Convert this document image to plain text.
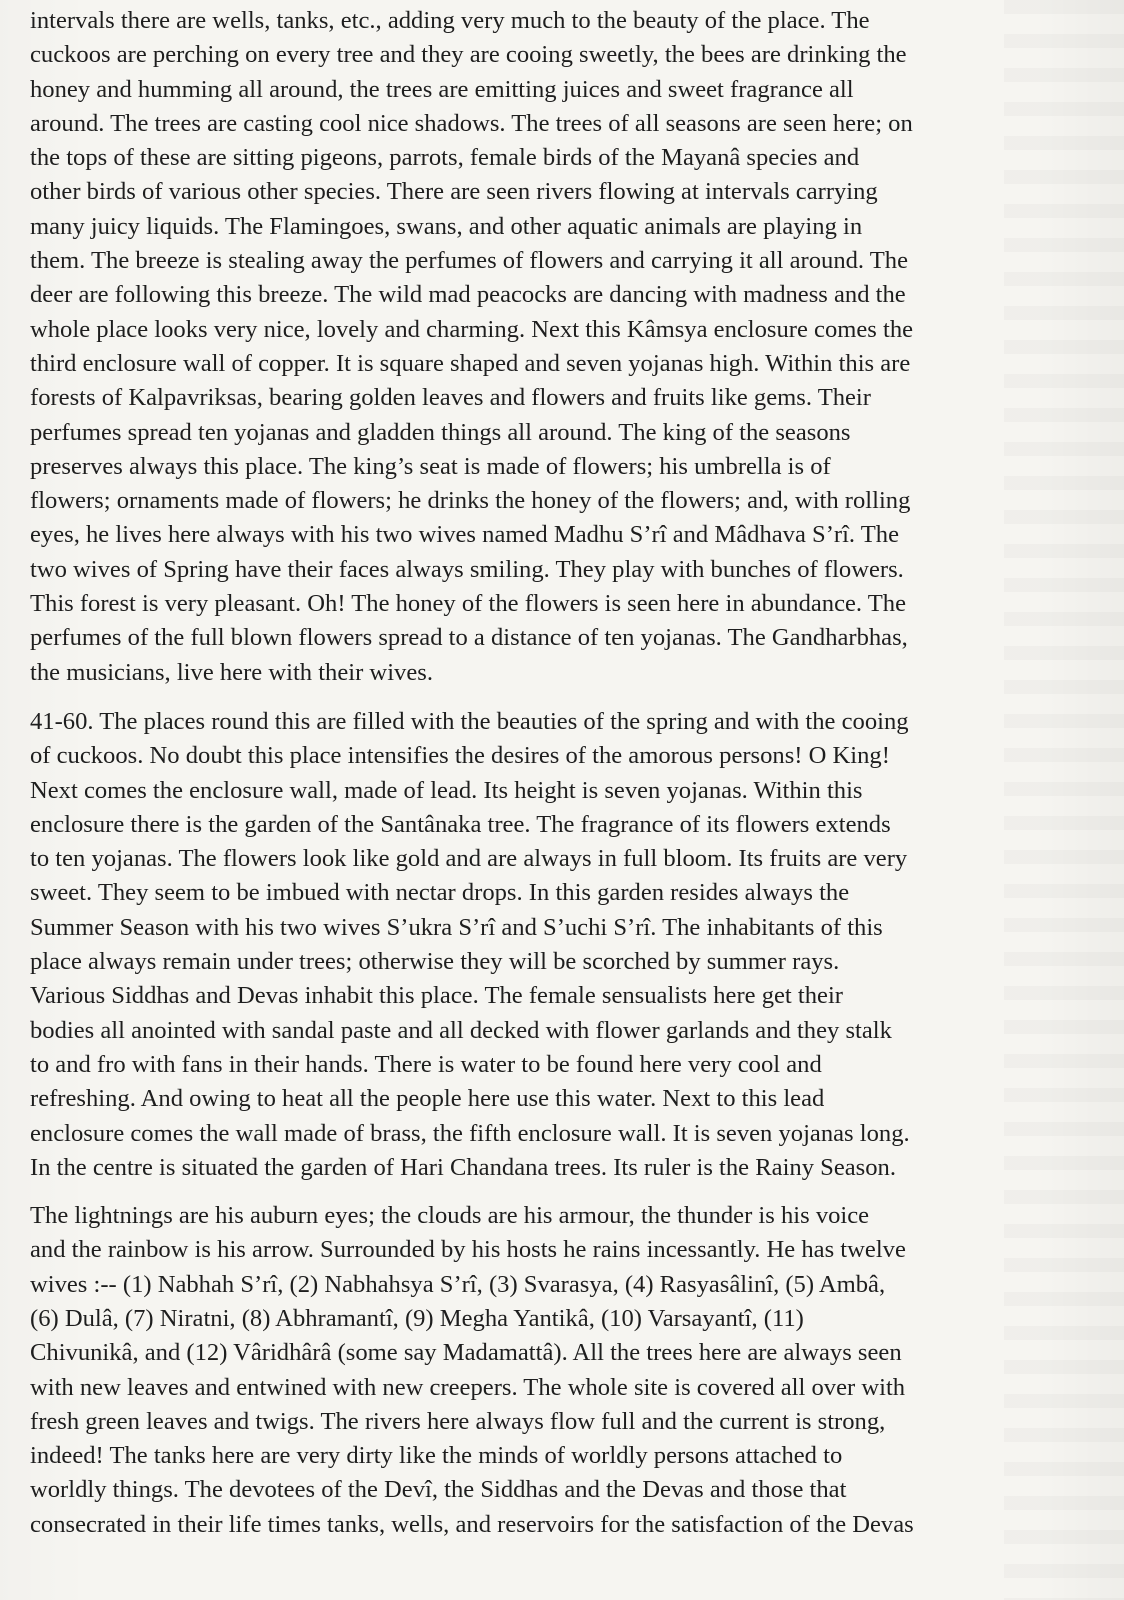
intervals there are wells, tanks, etc., adding very much to the beauty of the place. The
cuckoos are perching on every tree and they are cooing sweetly, the bees are drinking the
honey and humming all around, the trees are emitting juices and sweet fragrance all
around. The trees are casting cool nice shadows. The trees of all seasons are seen here; on
the tops of these are sitting pigeons, parrots, female birds of the Mayanâ species and
other birds of various other species. There are seen rivers flowing at intervals carrying
many juicy liquids. The Flamingoes, swans, and other aquatic animals are playing in
them. The breeze is stealing away the perfumes of flowers and carrying it all around. The
deer are following this breeze. The wild mad peacocks are dancing with madness and the
whole place looks very nice, lovely and charming. Next this Kâmsya enclosure comes the
third enclosure wall of copper. It is square shaped and seven yojanas high. Within this are
forests of Kalpavriksas, bearing golden leaves and flowers and fruits like gems. Their
perfumes spread ten yojanas and gladden things all around. The king of the seasons
preserves always this place. The king’s seat is made of flowers; his umbrella is of
flowers; ornaments made of flowers; he drinks the honey of the flowers; and, with rolling
eyes, he lives here always with his two wives named Madhu S’rî and Mâdhava S’rî. The
two wives of Spring have their faces always smiling. They play with bunches of flowers.
This forest is very pleasant. Oh! The honey of the flowers is seen here in abundance. The
perfumes of the full blown flowers spread to a distance of ten yojanas. The Gandharbhas,
the musicians, live here with their wives.
41-60. The places round this are filled with the beauties of the spring and with the cooing
of cuckoos. No doubt this place intensifies the desires of the amorous persons! O King!
Next comes the enclosure wall, made of lead. Its height is seven yojanas. Within this
enclosure there is the garden of the Santânaka tree. The fragrance of its flowers extends
to ten yojanas. The flowers look like gold and are always in full bloom. Its fruits are very
sweet. They seem to be imbued with nectar drops. In this garden resides always the
Summer Season with his two wives S’ukra S’rî and S’uchi S’rî. The inhabitants of this
place always remain under trees; otherwise they will be scorched by summer rays.
Various Siddhas and Devas inhabit this place. The female sensualists here get their
bodies all anointed with sandal paste and all decked with flower garlands and they stalk
to and fro with fans in their hands. There is water to be found here very cool and
refreshing. And owing to heat all the people here use this water. Next to this lead
enclosure comes the wall made of brass, the fifth enclosure wall. It is seven yojanas long.
In the centre is situated the garden of Hari Chandana trees. Its ruler is the Rainy Season.
The lightnings are his auburn eyes; the clouds are his armour, the thunder is his voice
and the rainbow is his arrow. Surrounded by his hosts he rains incessantly. He has twelve
wives :-- (1) Nabhah S’rî, (2) Nabhahsya S’rî, (3) Svarasya, (4) Rasyasâlinî, (5) Ambâ,
(6) Dulâ, (7) Niratni, (8) Abhramantî, (9) Megha Yantikâ, (10) Varsayantî, (11)
Chivunikâ, and (12) Vâridhârâ (some say Madamattâ). All the trees here are always seen
with new leaves and entwined with new creepers. The whole site is covered all over with
fresh green leaves and twigs. The rivers here always flow full and the current is strong,
indeed! The tanks here are very dirty like the minds of worldly persons attached to
worldly things. The devotees of the Devî, the Siddhas and the Devas and those that
consecrated in their life times tanks, wells, and reservoirs for the satisfaction of the Devas
